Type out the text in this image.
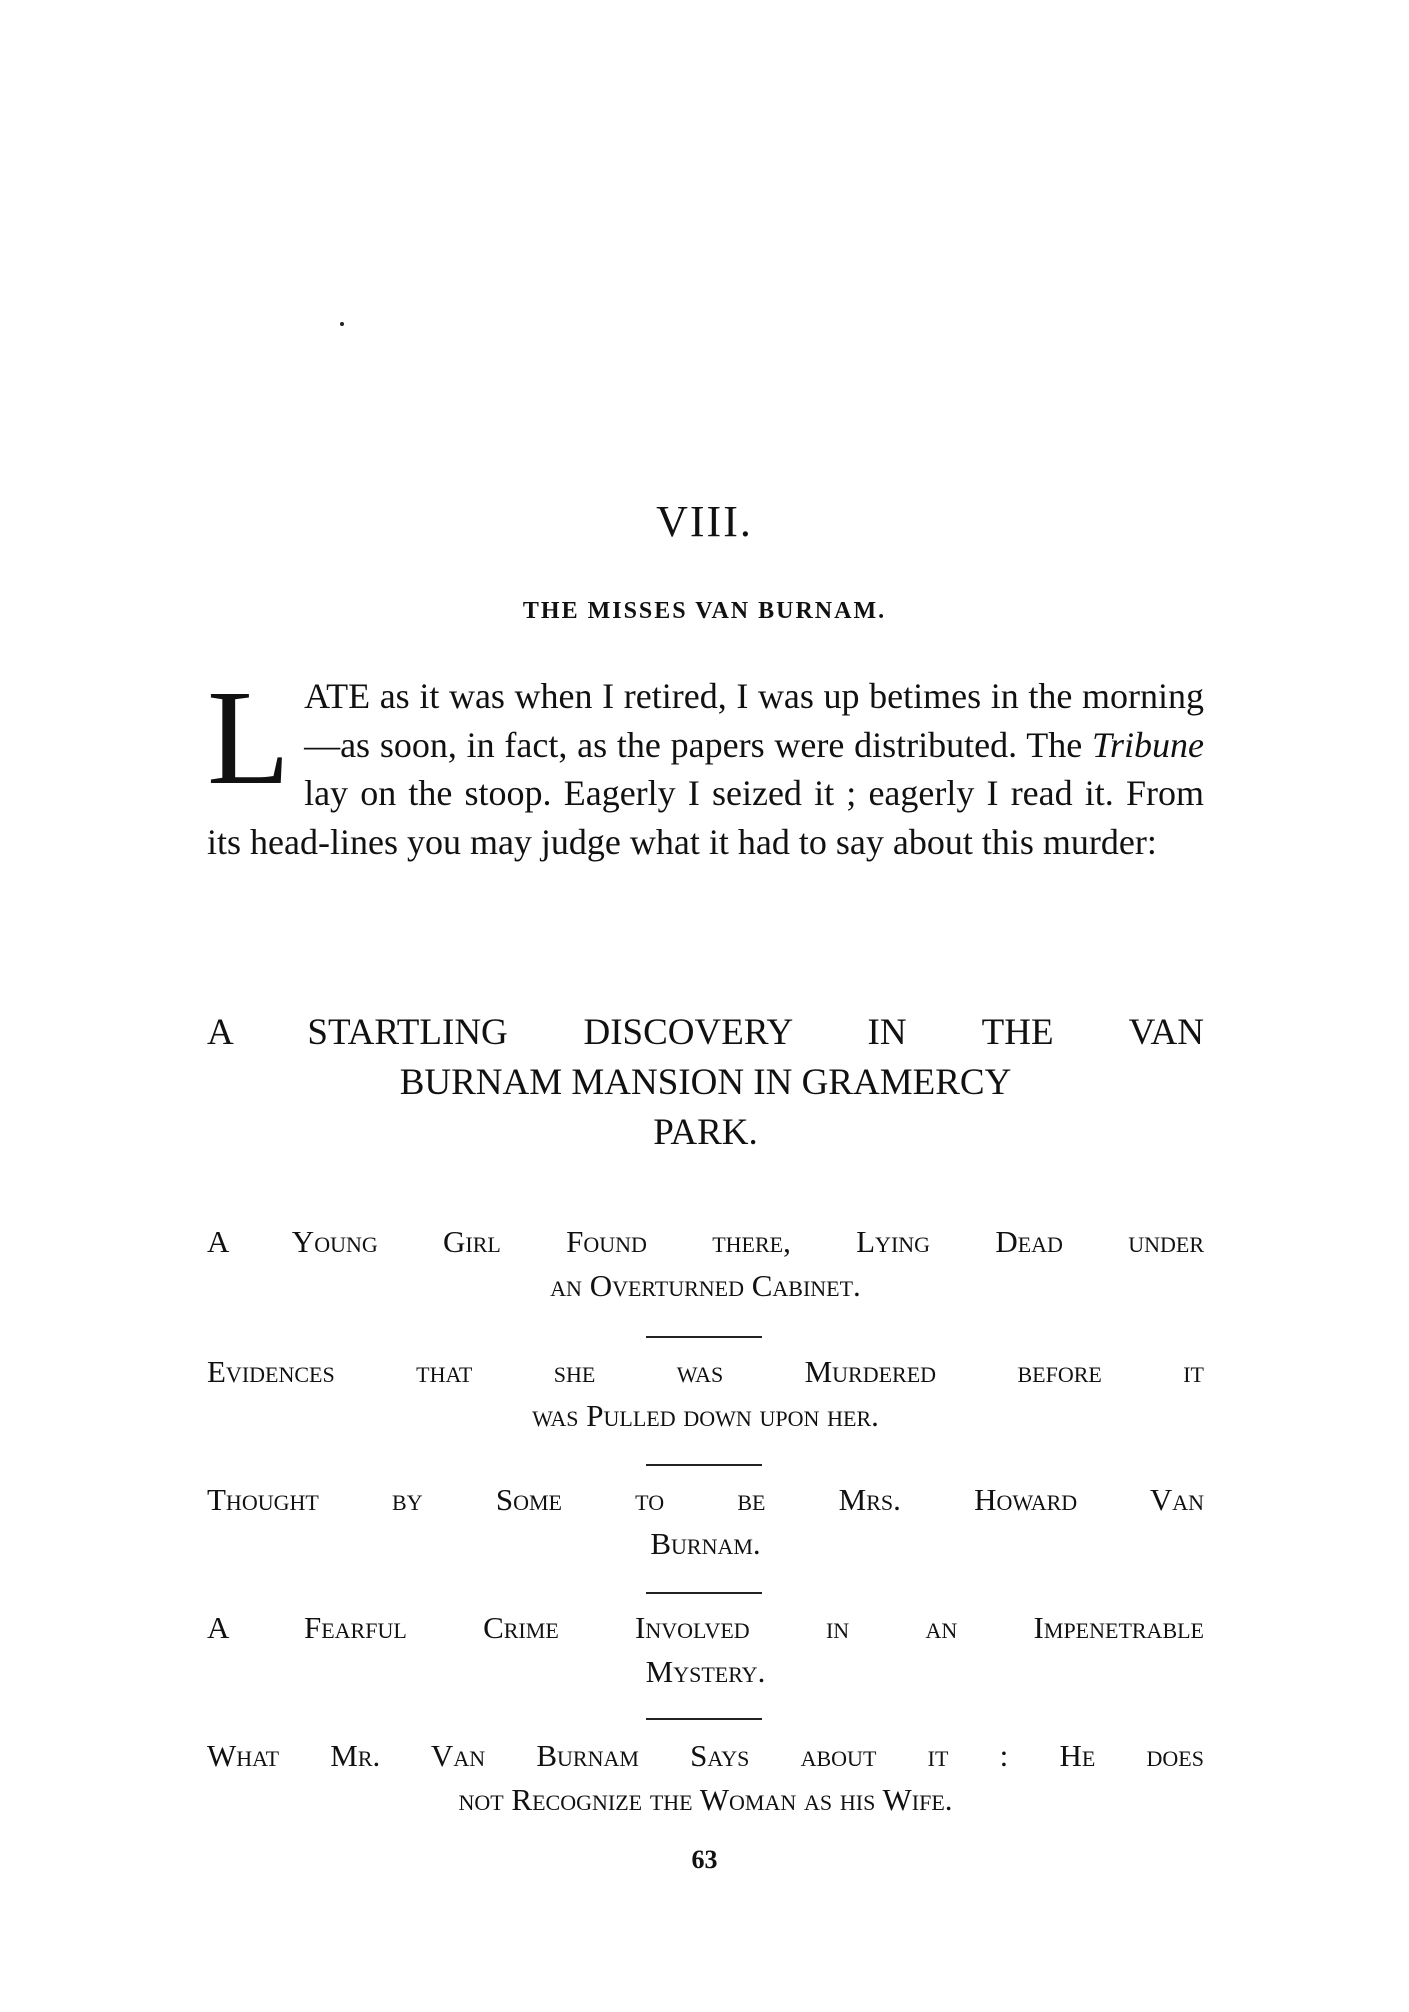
VIII.
THE MISSES VAN BURNAM.

LATE as it was when I retired, I was up betimes in the morning—as soon, in fact, as the papers were distributed. The Tribune lay on the stoop. Eagerly I seized it ; eagerly I read it. From its head-lines you may judge what it had to say about this murder:

A STARTLING DISCOVERY IN THE VAN
BURNAM MANSION IN GRAMERCY
PARK.

A Young Girl Found there, Lying Dead under
an Overturned Cabinet.

Evidences that she was Murdered before it
was Pulled down upon her.

Thought by Some to be Mrs. Howard Van
Burnam.

A Fearful Crime Involved in an Impenetrable
Mystery.

What Mr. Van Burnam Says about it : He does
not Recognize the Woman as his Wife.

63
